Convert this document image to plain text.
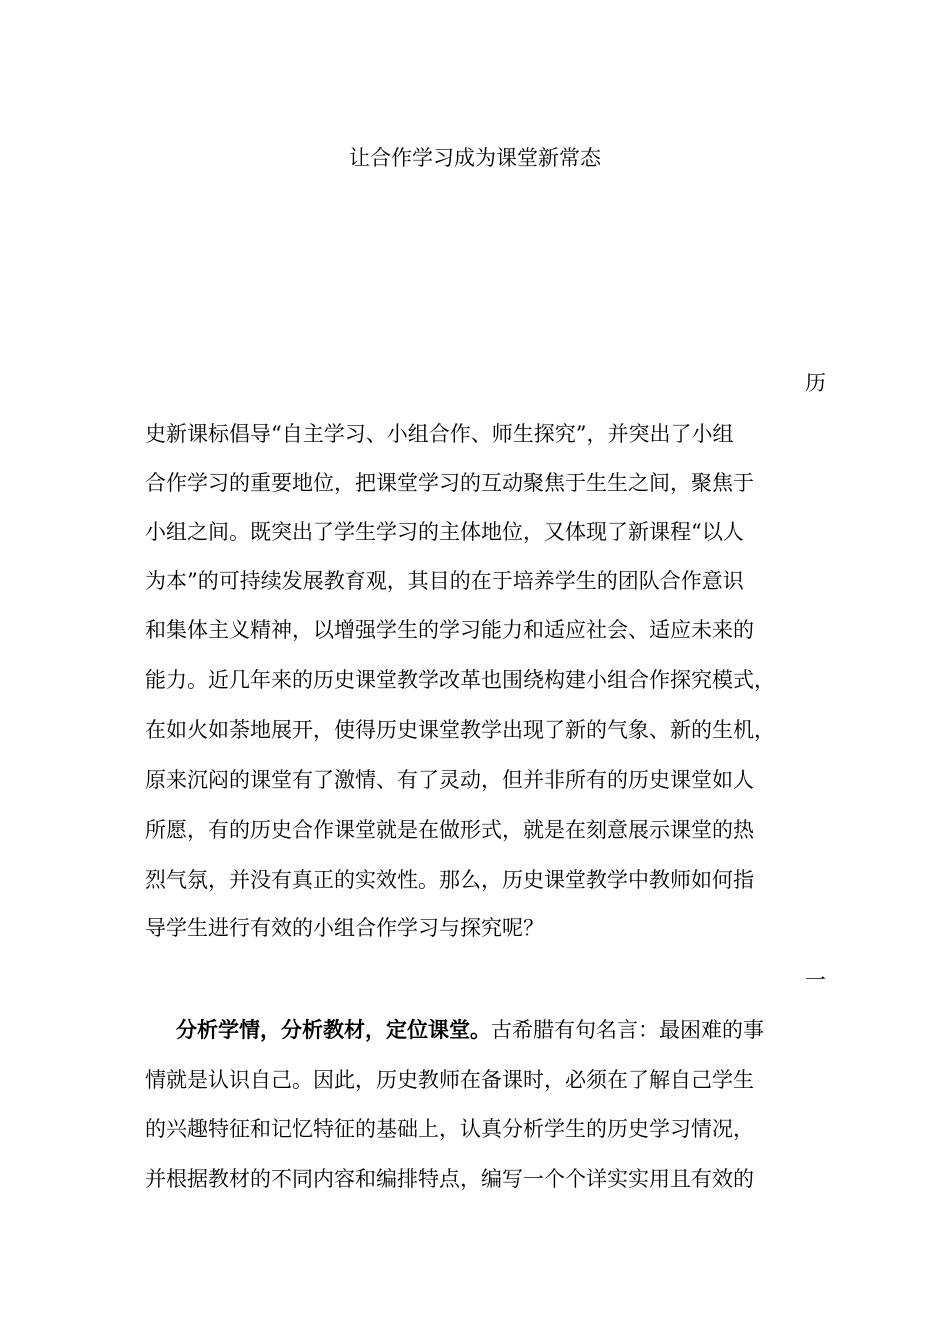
让合作学习成为课堂新常态
历
史新课标倡导“自主学习、小组合作、师生探究”，并突出了小组
合作学习的重要地位，把课堂学习的互动聚焦于生生之间，聚焦于
小组之间。既突出了学生学习的主体地位，又体现了新课程“以人
为本”的可持续发展教育观，其目的在于培养学生的团队合作意识
和集体主义精神，以增强学生的学习能力和适应社会、适应未来的
能力。近几年来的历史课堂教学改革也围绕构建小组合作探究模式，
在如火如荼地展开，使得历史课堂教学出现了新的气象、新的生机，
原来沉闷的课堂有了激情、有了灵动，但并非所有的历史课堂如人
所愿，有的历史合作课堂就是在做形式，就是在刻意展示课堂的热
烈气氛，并没有真正的实效性。那么，历史课堂教学中教师如何指
导学生进行有效的小组合作学习与探究呢？
一
分析学情，分析教材，定位课堂。古希腊有句名言：最困难的事
情就是认识自己。因此，历史教师在备课时，必须在了解自己学生
的兴趣特征和记忆特征的基础上，认真分析学生的历史学习情况，
并根据教材的不同内容和编排特点，编写一个个详实实用且有效的
